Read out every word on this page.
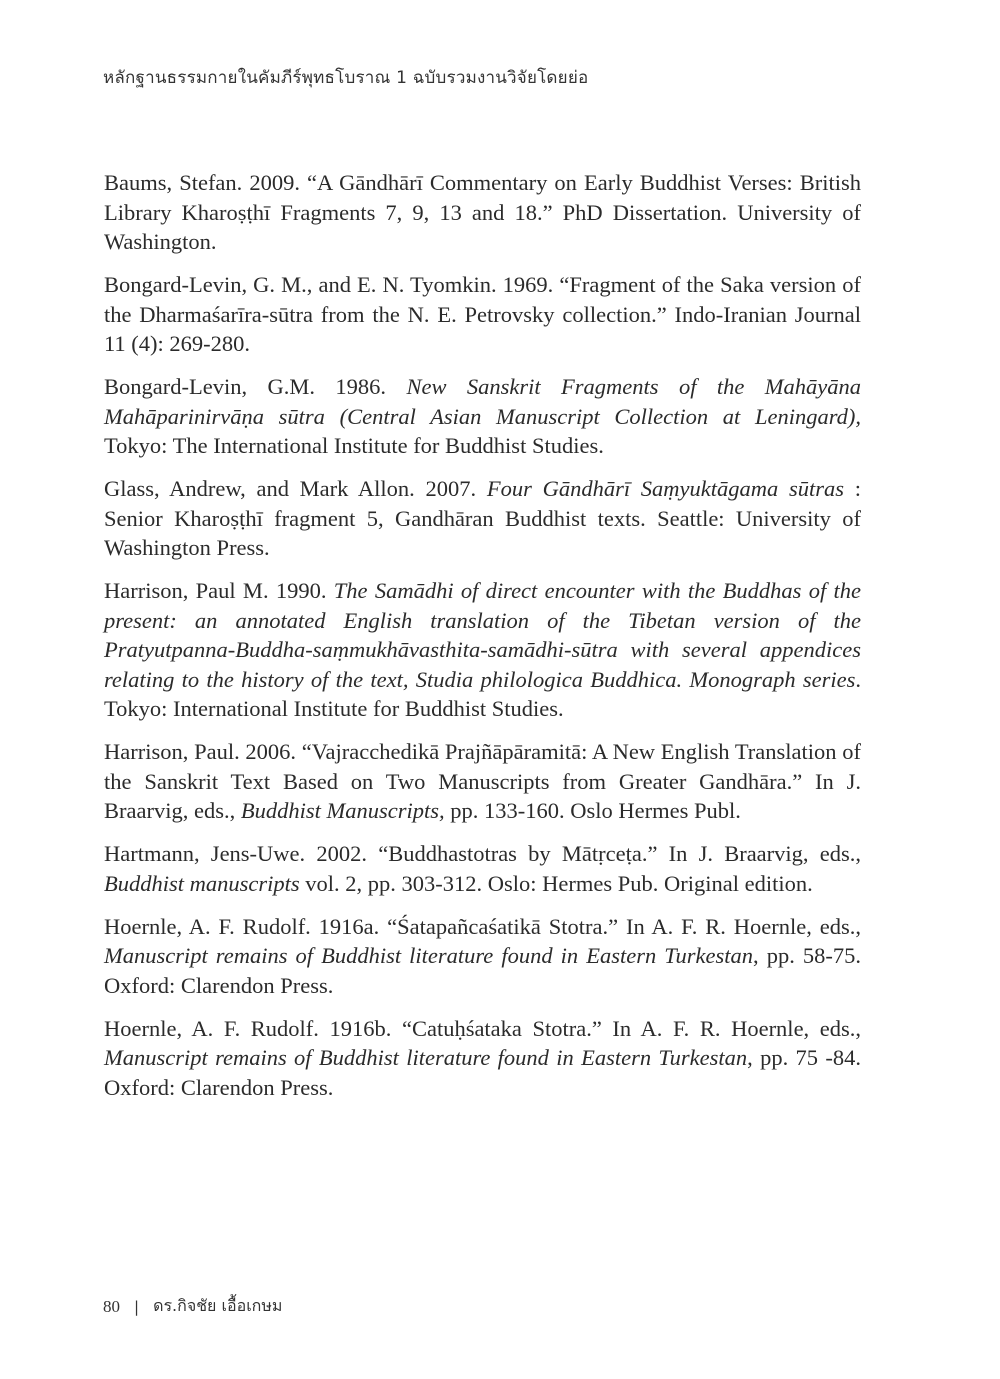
หลักฐานธรรมกายในคัมภีร์พุทธโบราณ 1 ฉบับรวมงานวิจัยโดยย่อ

Baums, Stefan. 2009. “A Gāndhārī Commentary on Early Buddhist Verses: British Library Kharoṣṭhī Fragments 7, 9, 13 and 18.” PhD Dissertation. University of Washington.

Bongard-Levin, G. M., and E. N. Tyomkin. 1969. “Fragment of the Saka version of the Dharmaśarīra-sūtra from the N. E. Petrovsky collection.” Indo-Iranian Journal 11 (4): 269-280.

Bongard-Levin, G.M. 1986. New Sanskrit Fragments of the Mahāyāna Mahāparinirvāṇa sūtra (Central Asian Manuscript Collection at Leningard), Tokyo: The International Institute for Buddhist Studies.

Glass, Andrew, and Mark Allon. 2007. Four Gāndhārī Saṃyuktāgama sūtras : Senior Kharoṣṭhī fragment 5, Gandhāran Buddhist texts. Seattle: University of Washington Press.

Harrison, Paul M. 1990. The Samādhi of direct encounter with the Buddhas of the present: an annotated English translation of the Tibetan version of the Pratyutpanna-Buddha-saṃmukhāvasthita-samādhi-sūtra with several appendices relating to the history of the text, Studia philologica Buddhica. Monograph series. Tokyo: International Institute for Buddhist Studies.

Harrison, Paul. 2006. “Vajracchedikā Prajñāpāramitā: A New English Translation of the Sanskrit Text Based on Two Manuscripts from Greater Gandhāra.” In J. Braarvig, eds., Buddhist Manuscripts, pp. 133-160. Oslo Hermes Publ.

Hartmann, Jens-Uwe. 2002. “Buddhastotras by Mātṛceṭa.” In J. Braarvig, eds., Buddhist manuscripts vol. 2, pp. 303-312. Oslo: Hermes Pub. Original edition.

Hoernle, A. F. Rudolf. 1916a. “Śatapañcaśatikā Stotra.” In A. F. R. Hoernle, eds., Manuscript remains of Buddhist literature found in Eastern Turkestan, pp. 58-75. Oxford: Clarendon Press.

Hoernle, A. F. Rudolf. 1916b. “Catuḥśataka Stotra.” In A. F. R. Hoernle, eds., Manuscript remains of Buddhist literature found in Eastern Turkestan, pp. 75 -84. Oxford: Clarendon Press.

80 | ดร.กิจชัย เอื้อเกษม
